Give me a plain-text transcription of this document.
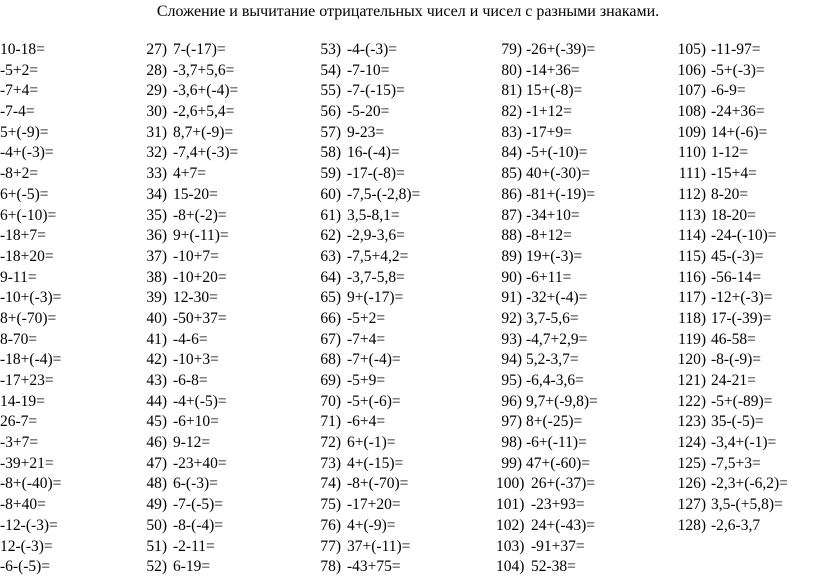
Сложение и вычитание отрицательных чисел и чисел с разными знаками.
10-18=
-5+2=
-7+4=
-7-4=
5+(-9)=
-4+(-3)=
-8+2=
6+(-5)=
6+(-10)=
-18+7=
-18+20=
9-11=
-10+(-3)=
8+(-70)=
8-70=
-18+(-4)=
-17+23=
14-19=
26-7=
-3+7=
-39+21=
-8+(-40)=
-8+40=
-12-(-3)=
12-(-3)=
-6-(-5)=
27) 7-(-17)=
28) -3,7+5,6=
29) -3,6+(-4)=
30) -2,6+5,4=
31) 8,7+(-9)=
32) -7,4+(-3)=
33) 4+7=
34) 15-20=
35) -8+(-2)=
36) 9+(-11)=
37) -10+7=
38) -10+20=
39) 12-30=
40) -50+37=
41) -4-6=
42) -10+3=
43) -6-8=
44) -4+(-5)=
45) -6+10=
46) 9-12=
47) -23+40=
48) 6-(-3)=
49) -7-(-5)=
50) -8-(-4)=
51) -2-11=
52) 6-19=
53) -4-(-3)=
54) -7-10=
55) -7-(-15)=
56) -5-20=
57) 9-23=
58) 16-(-4)=
59) -17-(-8)=
60) -7,5-(-2,8)=
61) 3,5-8,1=
62) -2,9-3,6=
63) -7,5+4,2=
64) -3,7-5,8=
65) 9+(-17)=
66) -5+2=
67) -7+4=
68) -7+(-4)=
69) -5+9=
70) -5+(-6)=
71) -6+4=
72) 6+(-1)=
73) 4+(-15)=
74) -8+(-70)=
75) -17+20=
76) 4+(-9)=
77) 37+(-11)=
78) -43+75=
79) -26+(-39)=
80) -14+36=
81) 15+(-8)=
82) -1+12=
83) -17+9=
84) -5+(-10)=
85) 40+(-30)=
86) -81+(-19)=
87) -34+10=
88) -8+12=
89) 19+(-3)=
90) -6+11=
91) -32+(-4)=
92) 3,7-5,6=
93) -4,7+2,9=
94) 5,2-3,7=
95) -6,4-3,6=
96) 9,7+(-9,8)=
97) 8+(-25)=
98) -6+(-11)=
99) 47+(-60)=
100) 26+(-37)=
101) -23+93=
102) 24+(-43)=
103) -91+37=
104) 52-38=
105) -11-97=
106) -5+(-3)=
107) -6-9=
108) -24+36=
109) 14+(-6)=
110) 1-12=
111) -15+4=
112) 8-20=
113) 18-20=
114) -24-(-10)=
115) 45-(-3)=
116) -56-14=
117) -12+(-3)=
118) 17-(-39)=
119) 46-58=
120) -8-(-9)=
121) 24-21=
122) -5+(-89)=
123) 35-(-5)=
124) -3,4+(-1)=
125) -7,5+3=
126) -2,3+(-6,2)=
127) 3,5-(+5,8)=
128) -2,6-3,7
